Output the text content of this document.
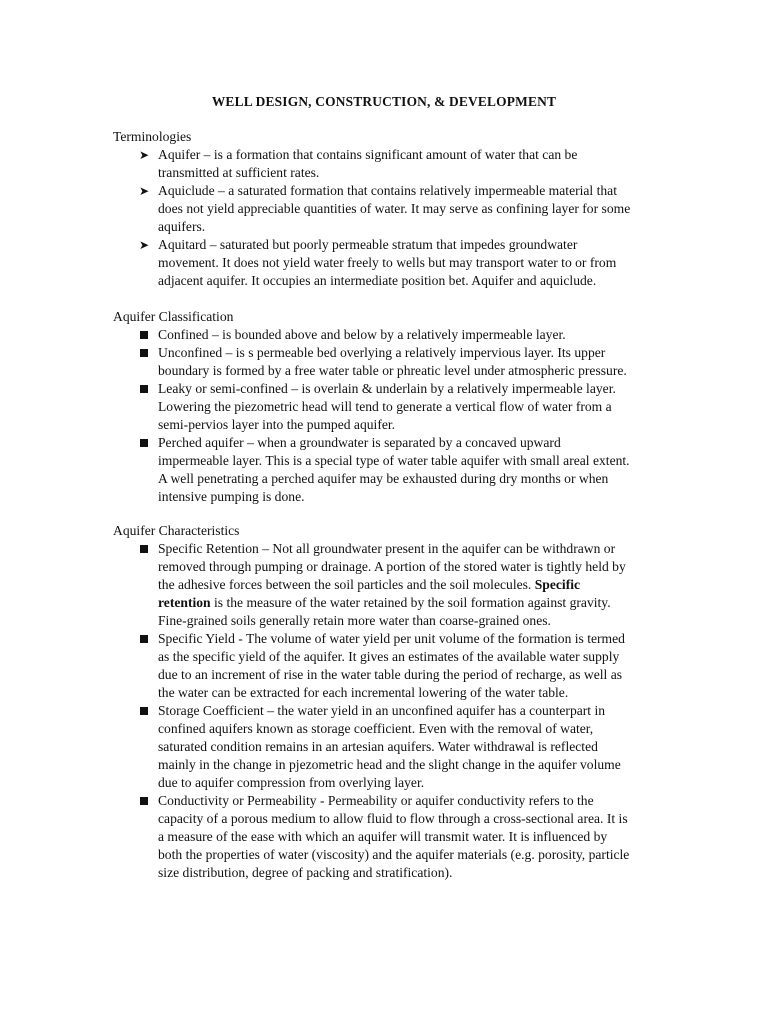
WELL DESIGN, CONSTRUCTION, & DEVELOPMENT
Terminologies
➤ Aquifer – is a formation that contains significant amount of water that can be transmitted at sufficient rates.
➤ Aquiclude – a saturated formation that contains relatively impermeable material that does not yield appreciable quantities of water. It may serve as confining layer for some aquifers.
➤ Aquitard – saturated but poorly permeable stratum that impedes groundwater movement. It does not yield water freely to wells but may transport water to or from adjacent aquifer. It occupies an intermediate position bet. Aquifer and aquiclude.
Aquifer Classification
Confined – is bounded above and below by a relatively impermeable layer.
Unconfined – is s permeable bed overlying a relatively impervious layer. Its upper boundary is formed by a free water table or phreatic level under atmospheric pressure.
Leaky or semi-confined – is overlain & underlain by a relatively impermeable layer. Lowering the piezometric head will tend to generate a vertical flow of water from a semi-pervios layer into the pumped aquifer.
Perched aquifer – when a groundwater is separated by a concaved upward impermeable layer. This is a special type of water table aquifer with small areal extent. A well penetrating a perched aquifer may be exhausted during dry months or when intensive pumping is done.
Aquifer Characteristics
Specific Retention – Not all groundwater present in the aquifer can be withdrawn or removed through pumping or drainage. A portion of the stored water is tightly held by the adhesive forces between the soil particles and the soil molecules. Specific retention is the measure of the water retained by the soil formation against gravity. Fine-grained soils generally retain more water than coarse-grained ones.
Specific Yield - The volume of water yield per unit volume of the formation is termed as the specific yield of the aquifer. It gives an estimates of the available water supply due to an increment of rise in the water table during the period of recharge, as well as the water can be extracted for each incremental lowering of the water table.
Storage Coefficient – the water yield in an unconfined aquifer has a counterpart in confined aquifers known as storage coefficient. Even with the removal of water, saturated condition remains in an artesian aquifers. Water withdrawal is reflected mainly in the change in pjezometric head and the slight change in the aquifer volume due to aquifer compression from overlying layer.
Conductivity or Permeability - Permeability or aquifer conductivity refers to the capacity of a porous medium to allow fluid to flow through a cross-sectional area. It is a measure of the ease with which an aquifer will transmit water. It is influenced by both the properties of water (viscosity) and the aquifer materials (e.g. porosity, particle size distribution, degree of packing and stratification).
